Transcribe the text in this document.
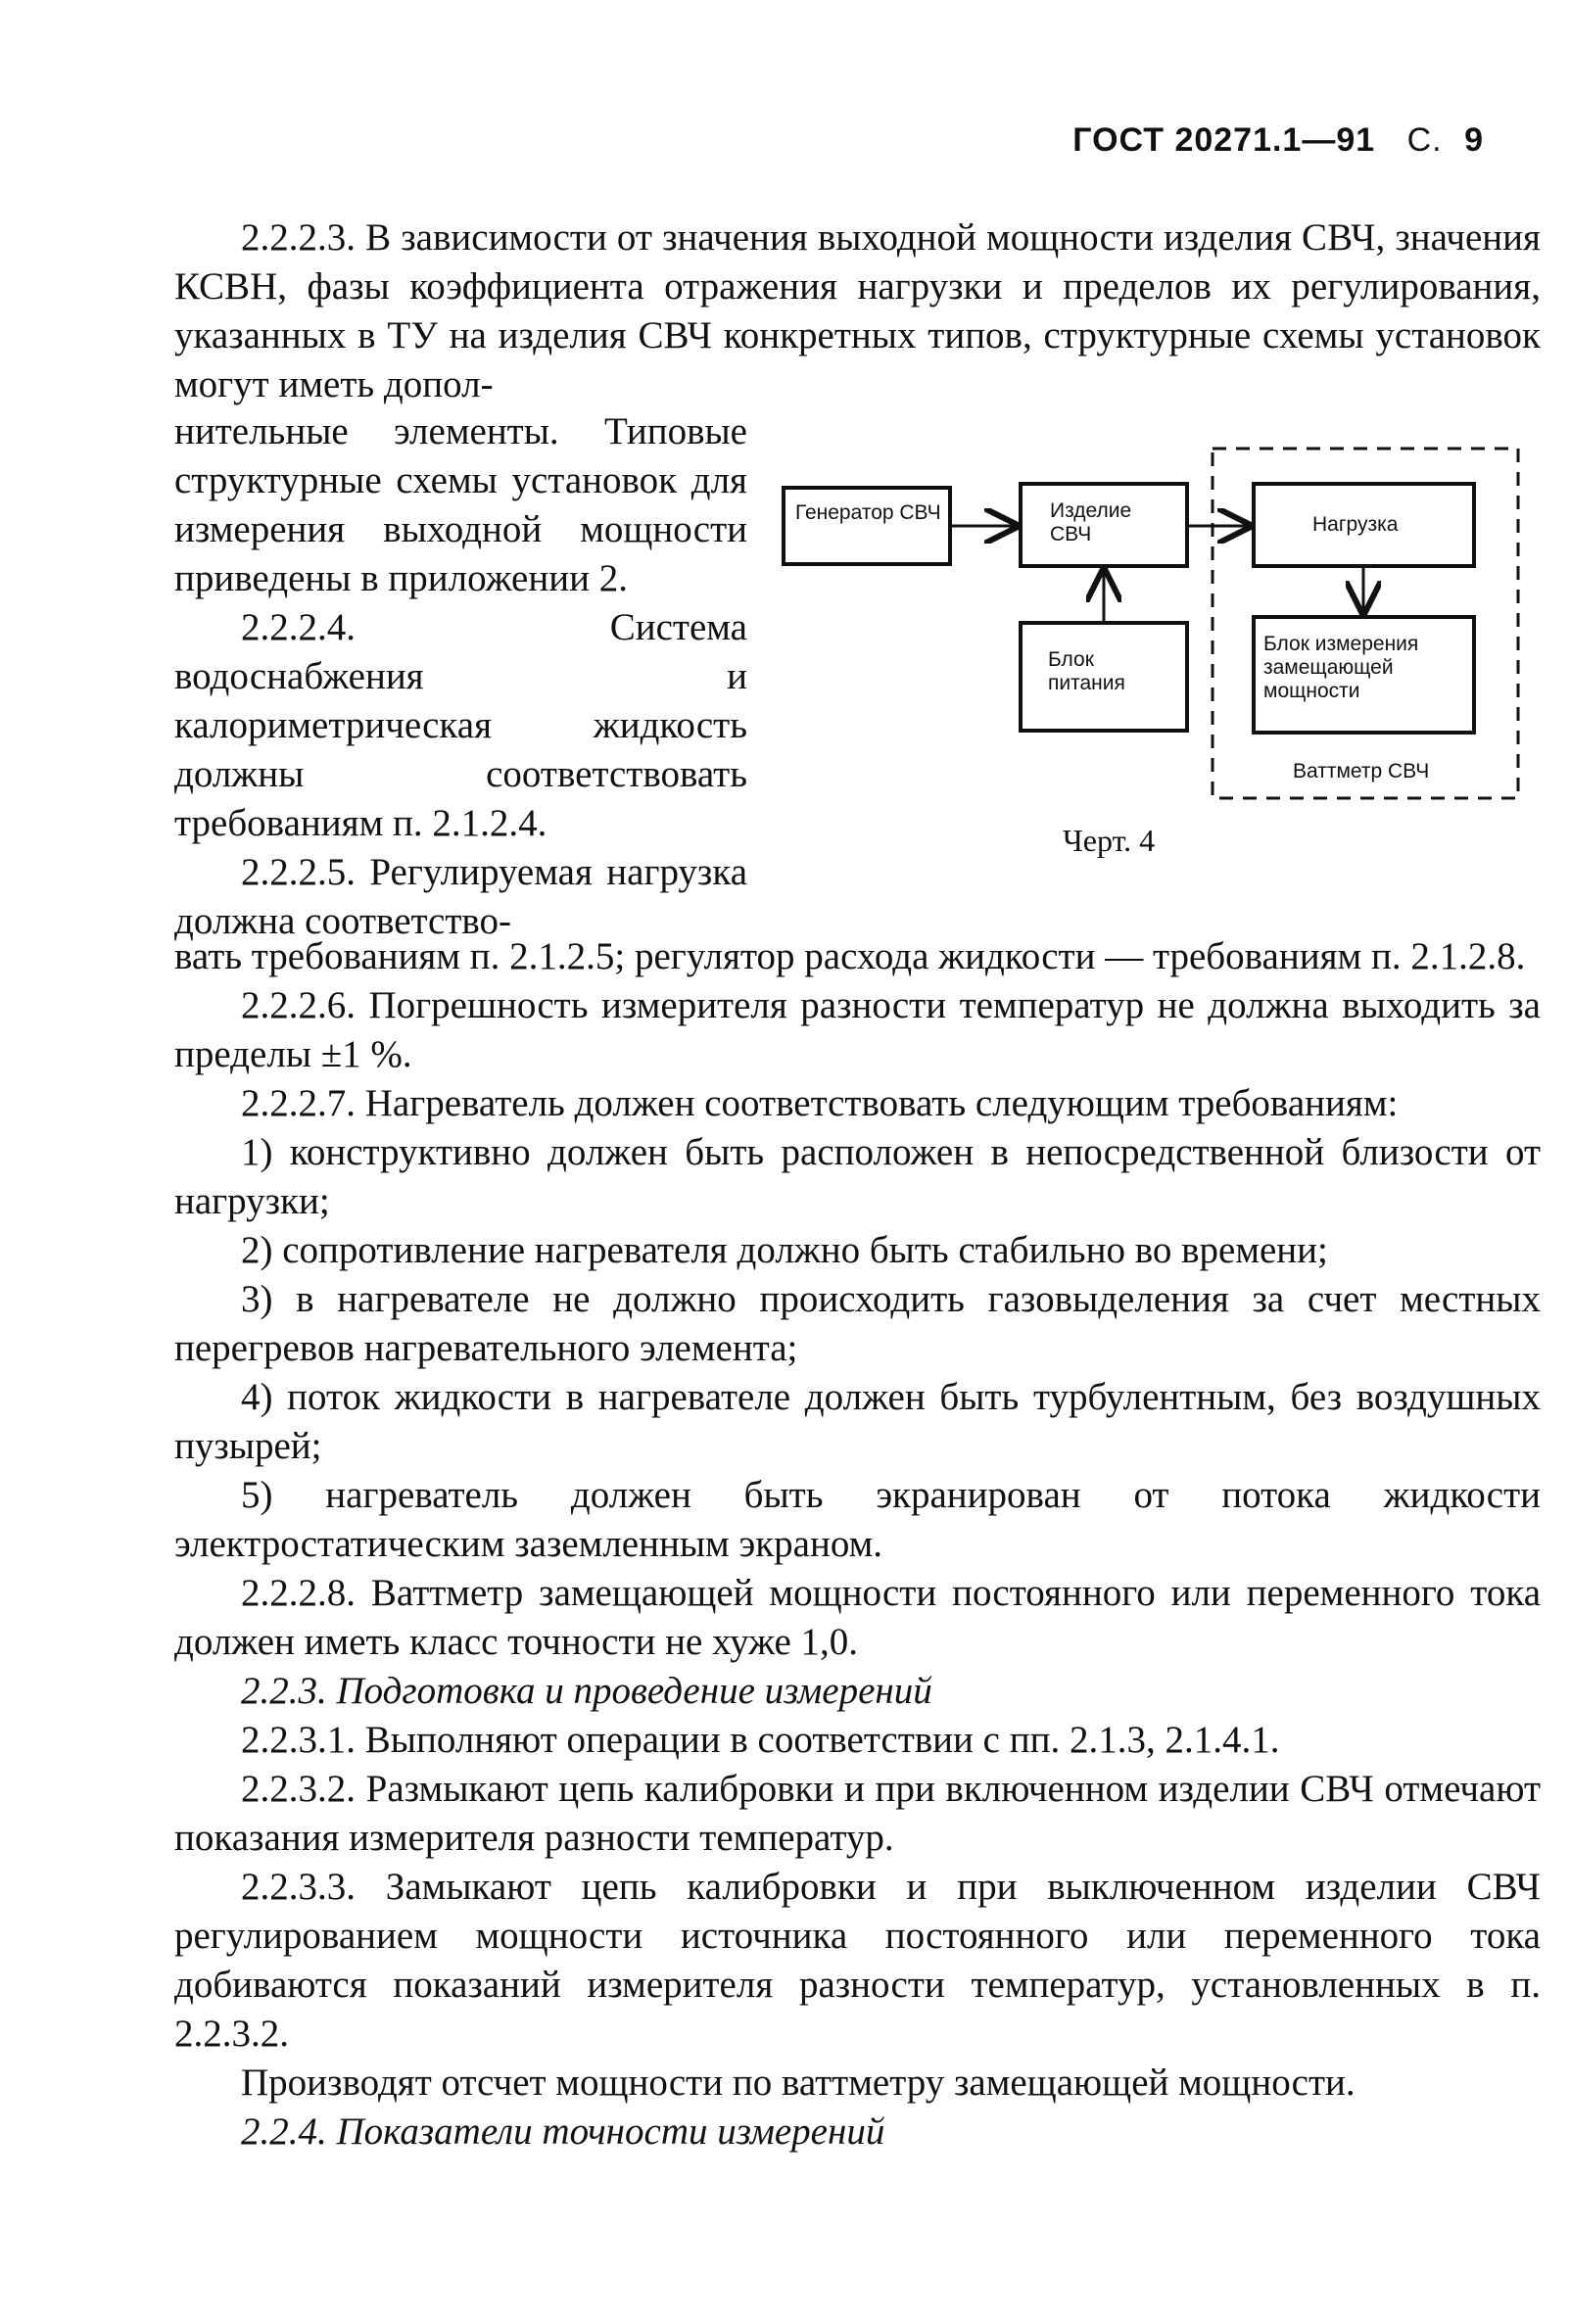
ГОСТ 20271.1—91 С. 9

2.2.2.3. В зависимости от значения выходной мощности изделия СВЧ, значения КСВН, фазы коэффициента отражения нагрузки и пределов их регулирования, указанных в ТУ на изделия СВЧ конкретных типов, структурные схемы установок могут иметь допол-

нительные элементы. Типовые структурные схемы установок для измерения выходной мощности приведены в приложении 2.

2.2.2.4. Система водоснабжения и калориметрическая жидкость должны соответствовать требованиям п. 2.1.2.4.

2.2.2.5. Регулируемая нагрузка должна соответство-

Генератор СВЧ	Изделие СВЧ
Блок питания
Нагрузка
Блок измерения замещающей мощности
Ваттметр СВЧ
Черт. 4

вать требованиям п. 2.1.2.5; регулятор расхода жидкости — требованиям п. 2.1.2.8.

2.2.2.6. Погрешность измерителя разности температур не должна выходить за пределы ±1 %.

2.2.2.7. Нагреватель должен соответствовать следующим требованиям:

1) конструктивно должен быть расположен в непосредственной близости от нагрузки;

2) сопротивление нагревателя должно быть стабильно во времени;

3) в нагревателе не должно происходить газовыделения за счет местных перегревов нагревательного элемента;

4) поток жидкости в нагревателе должен быть турбулентным, без воздушных пузырей;

5) нагреватель должен быть экранирован от потока жидкости электростатическим заземленным экраном.

2.2.2.8. Ваттметр замещающей мощности постоянного или переменного тока должен иметь класс точности не хуже 1,0.

2.2.3. Подготовка и проведение измерений

2.2.3.1. Выполняют операции в соответствии с пп. 2.1.3, 2.1.4.1.

2.2.3.2. Размыкают цепь калибровки и при включенном изделии СВЧ отмечают показания измерителя разности температур.

2.2.3.3. Замыкают цепь калибровки и при выключенном изделии СВЧ регулированием мощности источника постоянного или переменного тока добиваются показаний измерителя разности температур, установленных в п. 2.2.3.2.

Производят отсчет мощности по ваттметру замещающей мощности.

2.2.4. Показатели точности измерений
